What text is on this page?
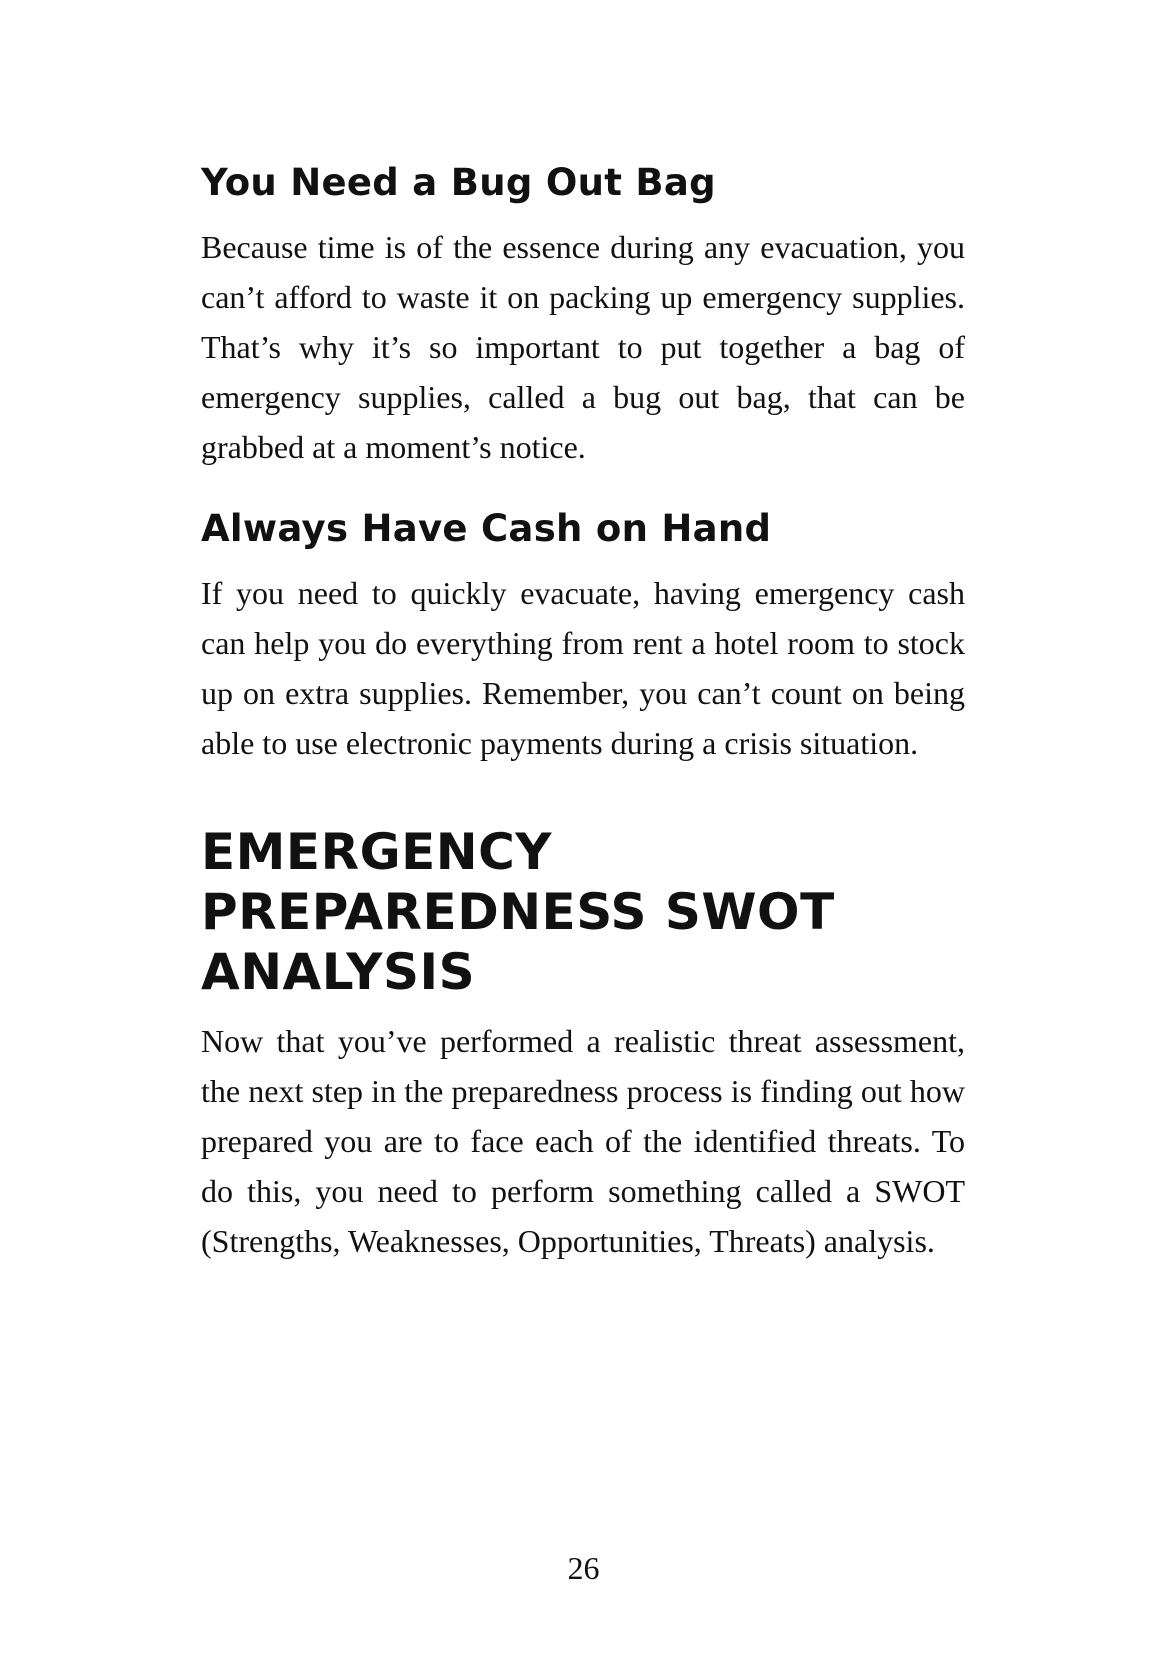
You Need a Bug Out Bag

Because time is of the essence during any evacuation, you can’t afford to waste it on packing up emergency supplies. That’s why it’s so important to put together a bag of emergency supplies, called a bug out bag, that can be grabbed at a moment’s notice.

Always Have Cash on Hand

If you need to quickly evacuate, having emergency cash can help you do everything from rent a hotel room to stock up on extra supplies. Remember, you can’t count on being able to use electronic payments during a crisis situation.

EMERGENCY
PREPAREDNESS SWOT
ANALYSIS

Now that you’ve performed a realistic threat assessment, the next step in the preparedness process is finding out how prepared you are to face each of the identified threats. To do this, you need to perform something called a SWOT (Strengths, Weaknesses, Opportunities, Threats) analysis.

26
